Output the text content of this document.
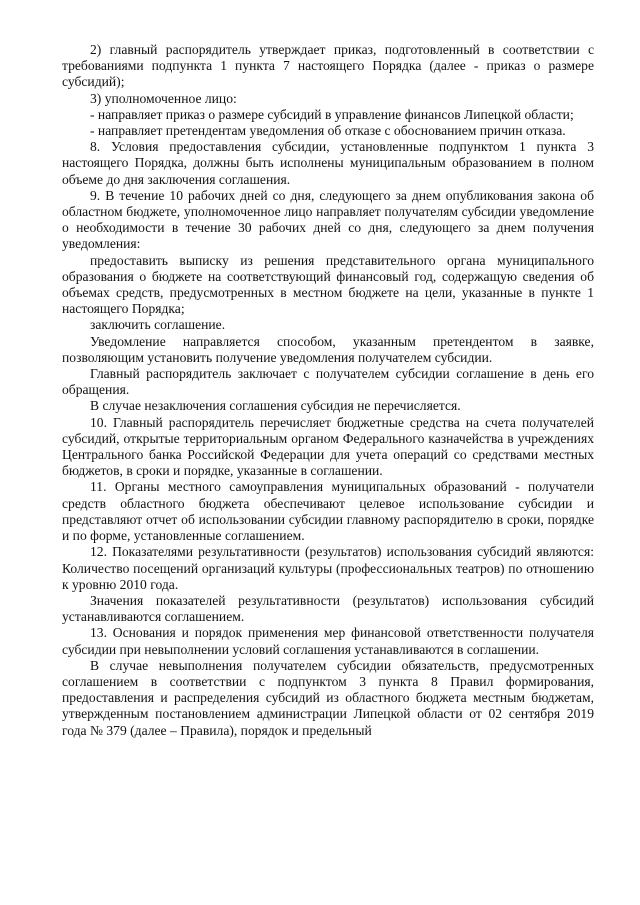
2) главный распорядитель утверждает приказ, подготовленный в соответствии с требованиями подпункта 1 пункта 7 настоящего Порядка (далее - приказ о размере субсидий);

3) уполномоченное лицо:

- направляет приказ о размере субсидий в управление финансов Липецкой области;

- направляет претендентам уведомления об отказе с обоснованием причин отказа.

8. Условия предоставления субсидии, установленные подпунктом 1 пункта 3 настоящего Порядка, должны быть исполнены муниципальным образованием в полном объеме до дня заключения соглашения.

9. В течение 10 рабочих дней со дня, следующего за днем опубликования закона об областном бюджете, уполномоченное лицо направляет получателям субсидии уведомление о необходимости в течение 30 рабочих дней со дня, следующего за днем получения уведомления:

предоставить выписку из решения представительного органа муниципального образования о бюджете на соответствующий финансовый год, содержащую сведения об объемах средств, предусмотренных в местном бюджете на цели, указанные в пункте 1 настоящего Порядка;

заключить соглашение.

Уведомление направляется способом, указанным претендентом в заявке, позволяющим установить получение уведомления получателем субсидии.

Главный распорядитель заключает с получателем субсидии соглашение в день его обращения.

В случае незаключения соглашения субсидия не перечисляется.

10. Главный распорядитель перечисляет бюджетные средства на счета получателей субсидий, открытые территориальным органом Федерального казначейства в учреждениях Центрального банка Российской Федерации для учета операций со средствами местных бюджетов, в сроки и порядке, указанные в соглашении.

11. Органы местного самоуправления муниципальных образований - получатели средств областного бюджета обеспечивают целевое использование субсидии и представляют отчет об использовании субсидии главному распорядителю в сроки, порядке и по форме, установленные соглашением.

12. Показателями результативности (результатов) использования субсидий являются: Количество посещений организаций культуры (профессиональных театров) по отношению к уровню 2010 года.

Значения показателей результативности (результатов) использования субсидий устанавливаются соглашением.

13. Основания и порядок применения мер финансовой ответственности получателя субсидии при невыполнении условий соглашения устанавливаются в соглашении.

В случае невыполнения получателем субсидии обязательств, предусмотренных соглашением в соответствии с подпунктом 3 пункта 8 Правил формирования, предоставления и распределения субсидий из областного бюджета местным бюджетам, утвержденным постановлением администрации Липецкой области от 02 сентября 2019 года № 379 (далее – Правила), порядок и предельный
